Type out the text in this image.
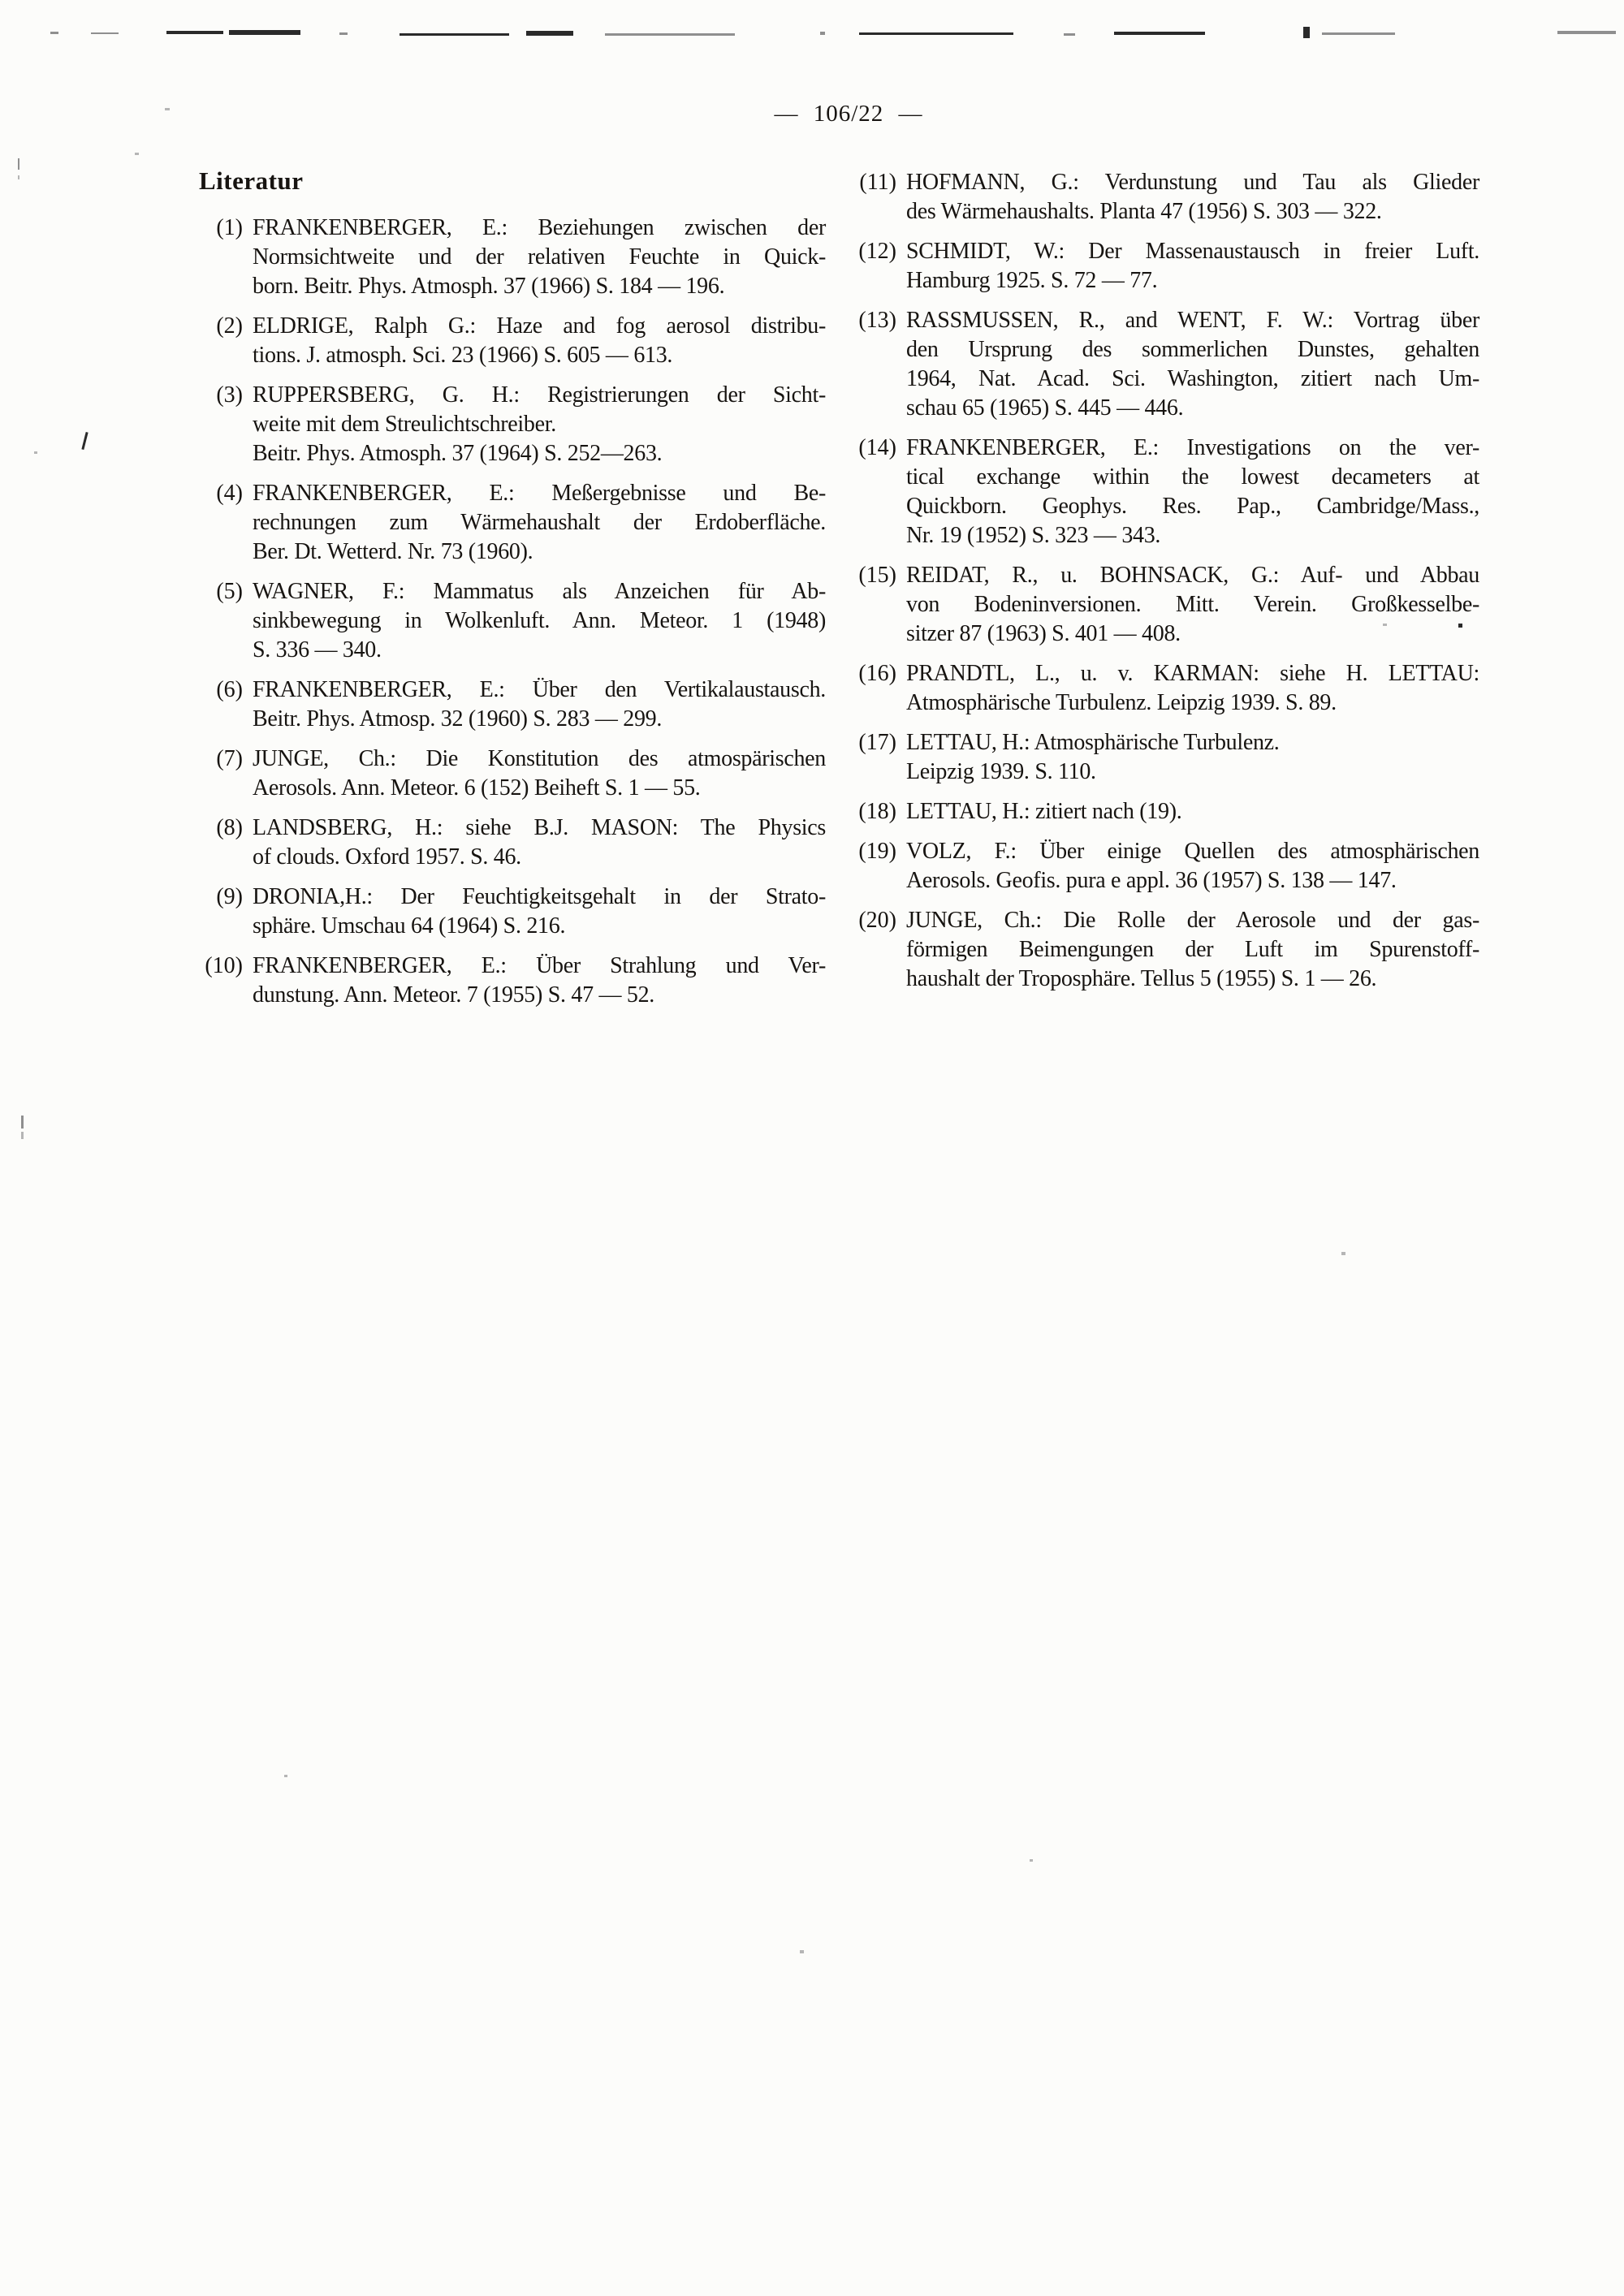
— 106/22 —
Literatur
(1) FRANKENBERGER, E.: Beziehungen zwischen der
Normsichtweite und der relativen Feuchte in Quick-
born. Beitr. Phys. Atmosph. 37 (1966) S. 184 — 196.
(2) ELDRIGE, Ralph G.: Haze and fog aerosol distribu-
tions. J. atmosph. Sci. 23 (1966) S. 605 — 613.
(3) RUPPERSBERG, G. H.: Registrierungen der Sicht-
weite mit dem Streulichtschreiber.
Beitr. Phys. Atmosph. 37 (1964) S. 252—263.
(4) FRANKENBERGER, E.: Meßergebnisse und Be-
rechnungen zum Wärmehaushalt der Erdoberfläche.
Ber. Dt. Wetterd. Nr. 73 (1960).
(5) WAGNER, F.: Mammatus als Anzeichen für Ab-
sinkbewegung in Wolkenluft. Ann. Meteor. 1 (1948)
S. 336 — 340.
(6) FRANKENBERGER, E.: Über den Vertikalaustausch.
Beitr. Phys. Atmosp. 32 (1960) S. 283 — 299.
(7) JUNGE, Ch.: Die Konstitution des atmospärischen
Aerosols. Ann. Meteor. 6 (152) Beiheft S. 1 — 55.
(8) LANDSBERG, H.: siehe B.J. MASON: The Physics
of clouds. Oxford 1957. S. 46.
(9) DRONIA,H.: Der Feuchtigkeitsgehalt in der Strato-
sphäre. Umschau 64 (1964) S. 216.
(10) FRANKENBERGER, E.: Über Strahlung und Ver-
dunstung. Ann. Meteor. 7 (1955) S. 47 — 52.
(11) HOFMANN, G.: Verdunstung und Tau als Glieder
des Wärmehaushalts. Planta 47 (1956) S. 303 — 322.
(12) SCHMIDT, W.: Der Massenaustausch in freier Luft.
Hamburg 1925. S. 72 — 77.
(13) RASSMUSSEN, R., and WENT, F. W.: Vortrag über
den Ursprung des sommerlichen Dunstes, gehalten
1964, Nat. Acad. Sci. Washington, zitiert nach Um-
schau 65 (1965) S. 445 — 446.
(14) FRANKENBERGER, E.: Investigations on the ver-
tical exchange within the lowest decameters at
Quickborn. Geophys. Res. Pap., Cambridge/Mass.,
Nr. 19 (1952) S. 323 — 343.
(15) REIDAT, R., u. BOHNSACK, G.: Auf- und Abbau
von Bodeninversionen. Mitt. Verein. Großkesselbe-
sitzer 87 (1963) S. 401 — 408.
(16) PRANDTL, L., u. v. KARMAN: siehe H. LETTAU:
Atmosphärische Turbulenz. Leipzig 1939. S. 89.
(17) LETTAU, H.: Atmosphärische Turbulenz.
Leipzig 1939. S. 110.
(18) LETTAU, H.: zitiert nach (19).
(19) VOLZ, F.: Über einige Quellen des atmosphärischen
Aerosols. Geofis. pura e appl. 36 (1957) S. 138 — 147.
(20) JUNGE, Ch.: Die Rolle der Aerosole und der gas-
förmigen Beimengungen der Luft im Spurenstoff-
haushalt der Troposphäre. Tellus 5 (1955) S. 1 — 26.
